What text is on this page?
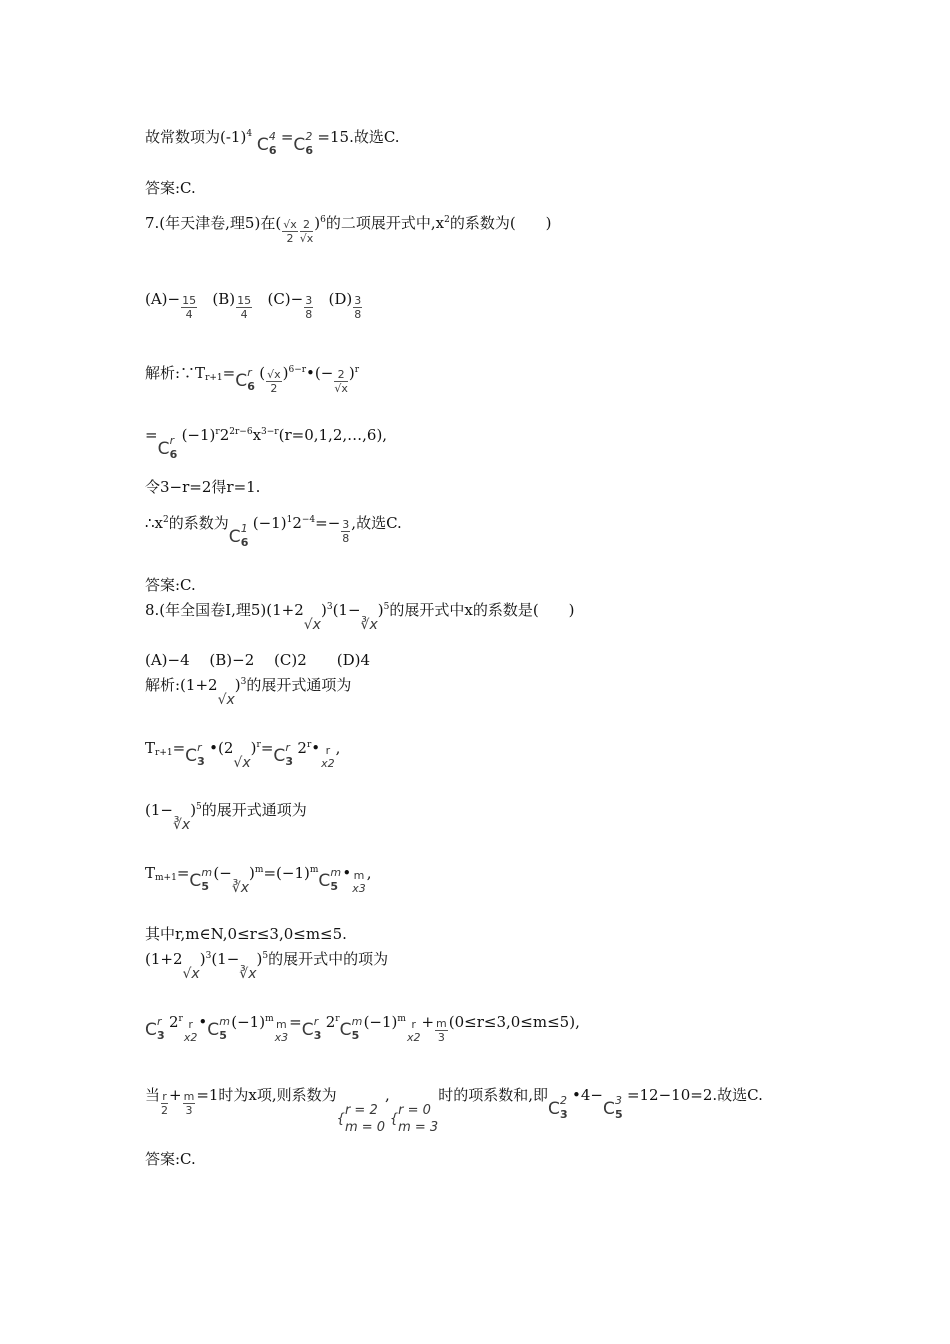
故常数项为$(-1)^4$ C 4
6
=C 2
6
=15.故选C.
答案:C.
7.(年天津卷,理5)在( $\frac{√x}{2} \frac{2}{√x} )^6$的二项展开式中$,x^2$的系数为(　　)
$(A)- \frac{15}{4} (B) \frac{15}{4} (C)- \frac{3}{8} (D) \frac{3}{8}$
解析$:\because T_{r+1}=C$ r
6
( $\frac{√x}{2}$ )$^{6-r}$•(− $\frac{2}{√x} )^r$
=C r
6
$(-1)^r2^{2r-6}x^{3-r}(r=0,1,2,\dots,6)$,
令3−r=2得r=1.
$\therefore x^2$的系数为C 1
6
$(-1)^12^{-4}=- \frac{3}{8}$ ,故选C.
答案:C.
8.(年全国卷Ⅰ,理$5)(1+2√x)^3(1-∛x)^5$的展开式中x的系数是(　　)
(A)−4　 (B)−2　 (C)2　　(D)4
解析$:(1+2√x)^3$的展开式通项为
$T_{r+1}=C$ r
3
$•(2√x)^r=C$ r
3
2$^r$• r
x2
,
(1−∛x)$^5$的展开式通项为
$T_{m+1}=C$ m
5
$(-∛x)^m=(-1)^mC$ m
5
• m
x3
,
其中r,m∈N,0≤r≤3,0≤m≤5.
$(1+2√x)^3(1-∛x)^5$的展开式中的项为
C r
3
2$^r$ r
x2
•C m
5
$(-1)^m$ m
x3
=C r
3
2$^r$C m
5
$(-1)^m$ r
x2
+ $\frac{m}{3} (0\le r\le 3,0\le m\le 5)$,
当 $\frac{r}{2} + \frac{m}{3} =1$时为x项,则系数为{
r = 2
m = 0
,{
r = 0
m = 3
时的项系数和,即C 2
3
•4−C 3
5
=12−10=2.故选C.
答案:C.
